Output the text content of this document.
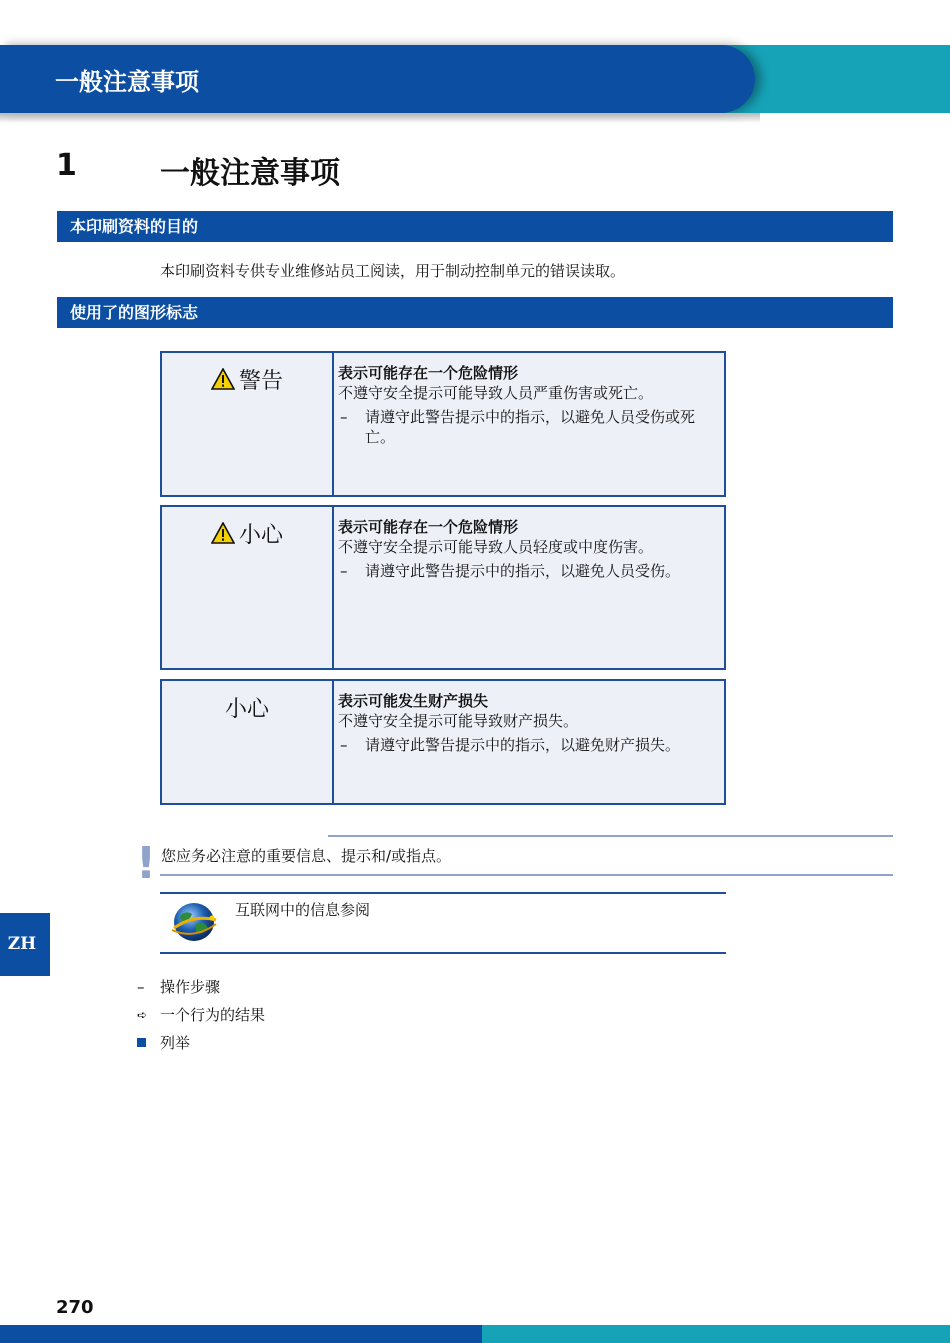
一般注意事项
1	一般注意事项
本印刷资料的目的
本印刷资料专供专业维修站员工阅读，用于制动控制单元的错误读取。
使用了的图形标志
警告	表示可能存在一个危险情形
不遵守安全提示可能导致人员严重伤害或死亡。
–	请遵守此警告提示中的指示，以避免人员受伤或死亡。
小心	表示可能存在一个危险情形
不遵守安全提示可能导致人员轻度或中度伤害。
–	请遵守此警告提示中的指示，以避免人员受伤。
小心	表示可能发生财产损失
不遵守安全提示可能导致财产损失。
–	请遵守此警告提示中的指示，以避免财产损失。
! 您应务必注意的重要信息、提示和/或指点。
互联网中的信息参阅
ZH
–	操作步骤
➪ 一个行为的结果
列举
270
